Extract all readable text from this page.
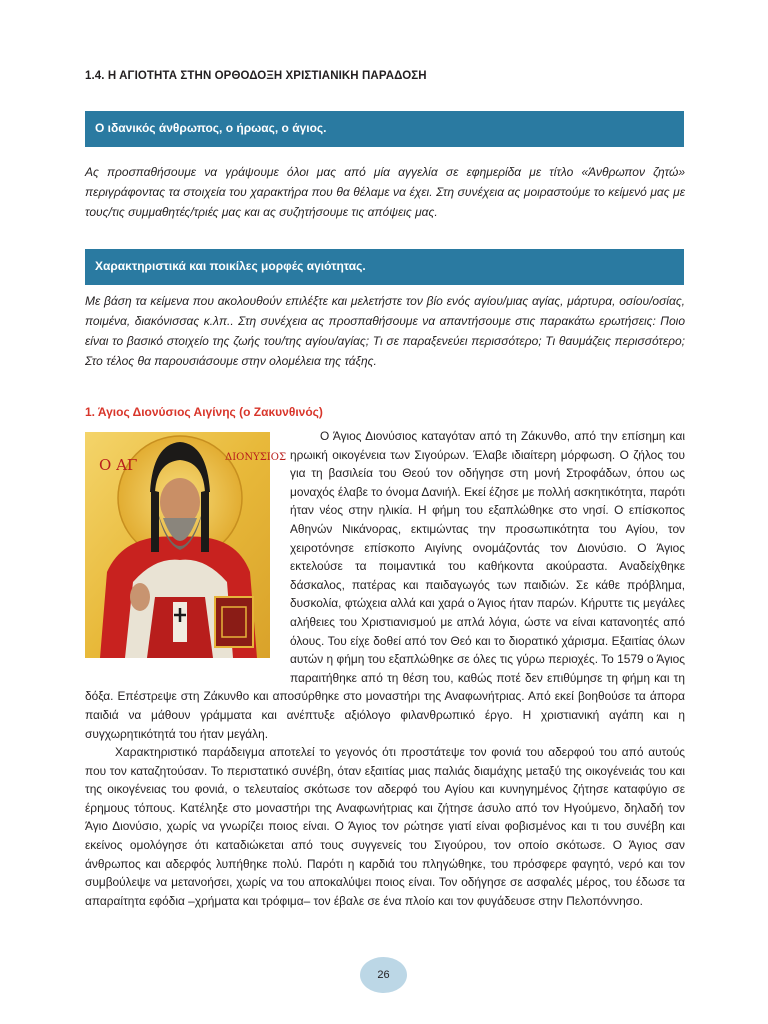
1.4. Η ΑΓΙΟΤΗΤΑ ΣΤΗΝ ΟΡΘΟΔΟΞΗ ΧΡΙΣΤΙΑΝΙΚΗ ΠΑΡΑΔΟΣΗ
Ο ιδανικός άνθρωπος, ο ήρωας, ο άγιος.
Ας προσπαθήσουμε να γράψουμε όλοι μας από μία αγγελία σε εφημερίδα με τίτλο «Άνθρωπον ζητώ» περιγράφοντας τα στοιχεία του χαρακτήρα που θα θέλαμε να έχει. Στη συνέχεια ας μοιραστούμε το κείμενό μας με τους/τις συμμαθητές/τριές μας και ας συζητήσουμε τις απόψεις μας.
Χαρακτηριστικά και ποικίλες μορφές αγιότητας.
Με βάση τα κείμενα που ακολουθούν επιλέξτε και μελετήστε τον βίο ενός αγίου/μιας αγίας, μάρτυρα, οσίου/οσίας, ποιμένα, διακόνισσας κ.λπ.. Στη συνέχεια ας προσπαθήσουμε να απαντήσουμε στις παρακάτω ερωτήσεις: Ποιο είναι το βασικό στοιχείο της ζωής του/της αγίου/αγίας; Τι σε παραξενεύει περισσότερο; Τι θαυμάζεις περισσότερο; Στο τέλος θα παρουσιάσουμε στην ολομέλεια της τάξης.
1. Άγιος Διονύσιος Αιγίνης (ο Ζακυνθινός)
Ο ΑΓ	ΔΙΟΝΥΣΙΟΣ

Ο Άγιος Διονύσιος καταγόταν από τη Ζάκυνθο, από την επίσημη και ηρωική οικογένεια των Σιγούρων. Έλαβε ιδιαίτερη μόρφωση. Ο ζήλος του για τη βασιλεία του Θεού τον οδήγησε στη μονή Στροφάδων, όπου ως μοναχός έλαβε το όνομα Δανιήλ. Εκεί έζησε με πολλή ασκητικότητα, παρότι ήταν νέος στην ηλικία. Η φήμη του εξαπλώθηκε στο νησί. Ο επίσκοπος Αθηνών Νικάνορας, εκτιμώντας την προσωπικότητα του Αγίου, τον χειροτόνησε επίσκοπο Αιγίνης ονομάζοντάς τον Διονύσιο. Ο Άγιος εκτελούσε τα ποιμαντικά του καθήκοντα ακούραστα. Αναδείχθηκε δάσκαλος, πατέρας και παιδαγωγός των παιδιών. Σε κάθε πρόβλημα, δυσκολία, φτώχεια αλλά και χαρά ο Άγιος ήταν παρών. Κήρυττε τις μεγάλες αλήθειες του Χριστιανισμού με απλά λόγια, ώστε να είναι κατανοητές από όλους. Του είχε δοθεί από τον Θεό και το διορατικό χάρισμα. Εξαιτίας όλων αυτών η φήμη του εξαπλώθηκε σε όλες τις γύρω περιοχές. Το 1579 ο Άγιος παραιτήθηκε από τη θέση του, καθώς ποτέ δεν επιθύμησε τη φήμη και τη δόξα. Επέστρεψε στη Ζάκυνθο και αποσύρθηκε στο μοναστήρι της Αναφωνήτριας. Από εκεί βοηθούσε τα άπορα παιδιά να μάθουν γράμματα και ανέπτυξε αξιόλογο φιλανθρωπικό έργο. Η χριστιανική αγάπη και η συγχωρητικότητά του ήταν μεγάλη.

Χαρακτηριστικό παράδειγμα αποτελεί το γεγονός ότι προστάτεψε τον φονιά του αδερφού του από αυτούς που τον καταζητούσαν. Το περιστατικό συνέβη, όταν εξαιτίας μιας παλιάς διαμάχης μεταξύ της οικογένειάς του και της οικογένειας του φονιά, ο τελευταίος σκότωσε τον αδερφό του Αγίου και κυνηγημένος ζήτησε καταφύγιο σε έρημους τόπους. Κατέληξε στο μοναστήρι της Αναφωνήτριας και ζήτησε άσυλο από τον Ηγούμενο, δηλαδή τον Άγιο Διονύσιο, χωρίς να γνωρίζει ποιος είναι. Ο Άγιος τον ρώτησε γιατί είναι φοβισμένος και τι του συνέβη και εκείνος ομολόγησε ότι καταδιώκεται από τους συγγενείς του Σιγούρου, τον οποίο σκότωσε. Ο Άγιος σαν άνθρωπος και αδερφός λυπήθηκε πολύ. Παρότι η καρδιά του πληγώθηκε, του πρόσφερε φαγητό, νερό και τον συμβούλεψε να μετανοήσει, χωρίς να του αποκαλύψει ποιος είναι. Τον οδήγησε σε ασφαλές μέρος, του έδωσε τα απαραίτητα εφόδια –χρήματα και τρόφιμα– τον έβαλε σε ένα πλοίο και τον φυγάδευσε στην Πελοπόννησο.

26
